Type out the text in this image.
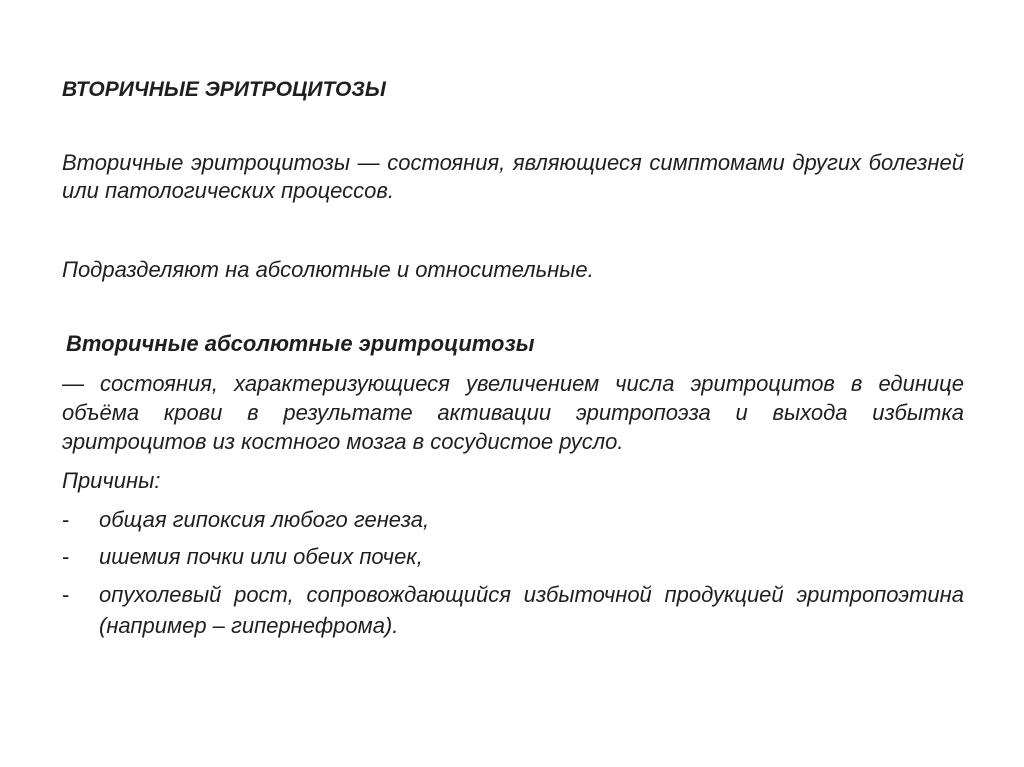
ВТОРИЧНЫЕ ЭРИТРОЦИТОЗЫ
Вторичные эритроцитозы — состояния, являющиеся симптомами других болезней или патологических процессов.
Подразделяют на абсолютные и относительные.
Вторичные абсолютные эритроцитозы
— состояния, характеризующиеся увеличением числа эритроцитов в единице объёма крови в результате активации эритропоэза и выхода избытка эритроцитов из костного мозга в сосудистое русло.
Причины:
- общая гипоксия любого генеза,
- ишемия почки или обеих почек,
- опухолевый рост, сопровождающийся избыточной продукцией эритропоэтина (например – гипернефрома).
